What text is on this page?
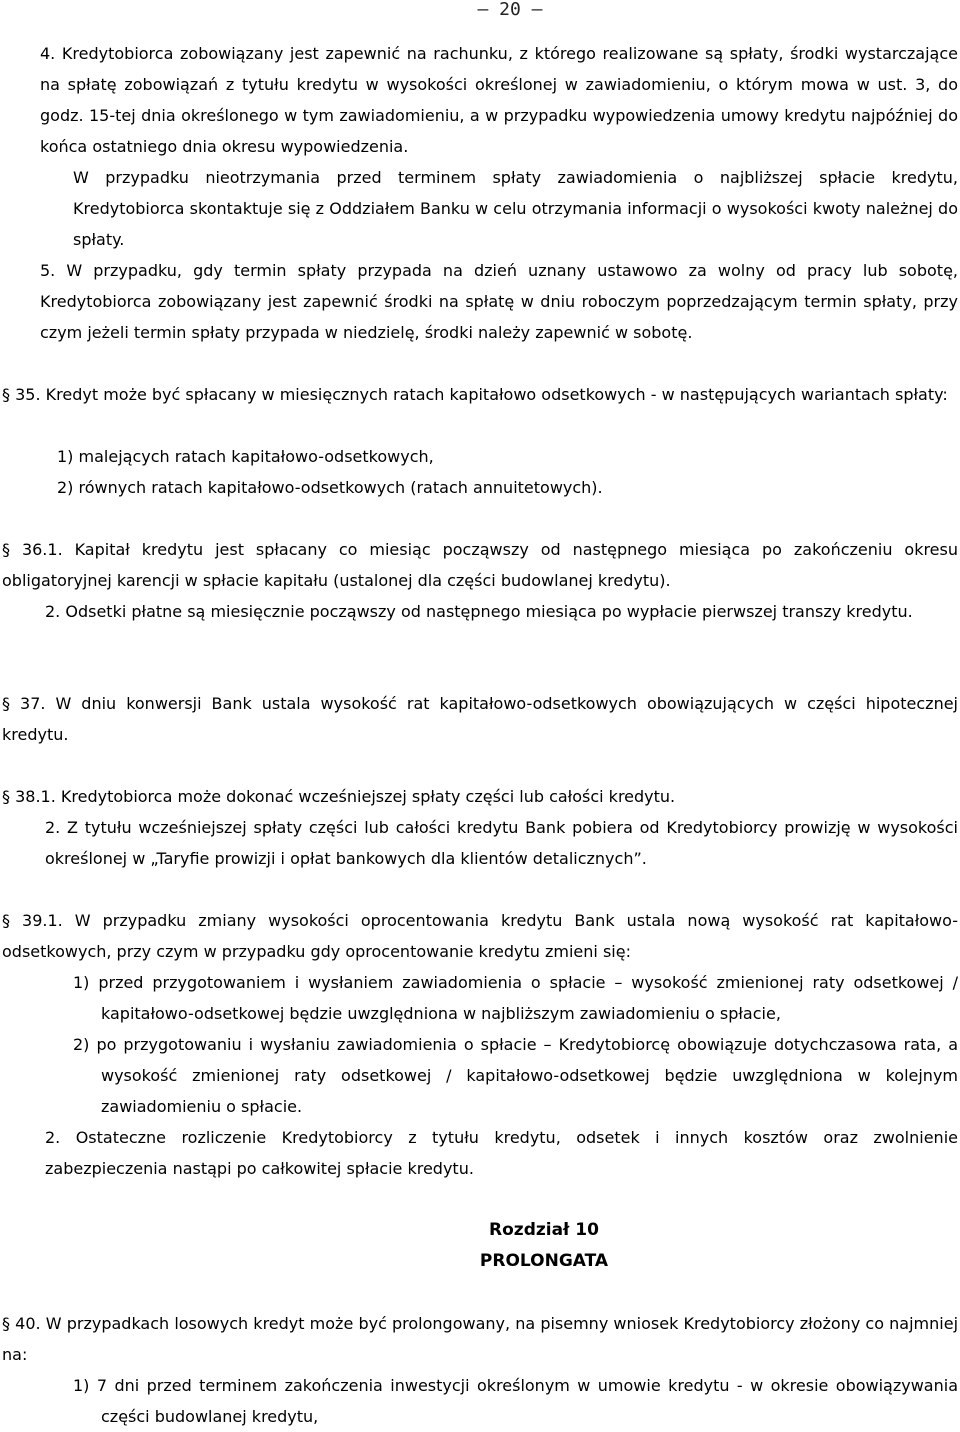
– 20 –

4. Kredytobiorca zobowiązany jest zapewnić na rachunku, z którego realizowane są spłaty, środki wystarczające na spłatę zobowiązań z tytułu kredytu w wysokości określonej w zawiadomieniu, o którym mowa w ust. 3, do godz. 15-tej dnia określonego w tym zawiadomieniu, a w przypadku wypowiedzenia umowy kredytu najpóźniej do końca ostatniego dnia okresu wypowiedzenia.

W przypadku nieotrzymania przed terminem spłaty zawiadomienia o najbliższej spłacie kredytu, Kredytobiorca skontaktuje się z Oddziałem Banku w celu otrzymania informacji o wysokości kwoty należnej do spłaty.

5. W przypadku, gdy termin spłaty przypada na dzień uznany ustawowo za wolny od pracy lub sobotę, Kredytobiorca zobowiązany jest zapewnić środki na spłatę w dniu roboczym poprzedzającym termin spłaty, przy czym jeżeli termin spłaty przypada w niedzielę, środki należy zapewnić w sobotę.

§ 35. Kredyt może być spłacany w miesięcznych ratach kapitałowo odsetkowych - w następujących wariantach spłaty:

1) malejących ratach kapitałowo-odsetkowych,

2) równych ratach kapitałowo-odsetkowych (ratach annuitetowych).

§ 36.1. Kapitał kredytu jest spłacany co miesiąc począwszy od następnego miesiąca po zakończeniu okresu obligatoryjnej karencji w spłacie kapitału (ustalonej dla części budowlanej kredytu).

2. Odsetki płatne są miesięcznie począwszy od następnego miesiąca po wypłacie pierwszej transzy kredytu.

§ 37. W dniu konwersji Bank ustala wysokość rat kapitałowo-odsetkowych obowiązujących w części hipotecznej kredytu.

§ 38.1. Kredytobiorca może dokonać wcześniejszej spłaty części lub całości kredytu.

2. Z tytułu wcześniejszej spłaty części lub całości kredytu Bank pobiera od Kredytobiorcy prowizję w wysokości określonej w „Taryfie prowizji i opłat bankowych dla klientów detalicznych”.

§ 39.1. W przypadku zmiany wysokości oprocentowania kredytu Bank ustala nową wysokość rat kapitałowo-odsetkowych, przy czym w przypadku gdy oprocentowanie kredytu zmieni się:

1) przed przygotowaniem i wysłaniem zawiadomienia o spłacie – wysokość zmienionej raty odsetkowej / kapitałowo-odsetkowej będzie uwzględniona w najbliższym zawiadomieniu o spłacie,

2) po przygotowaniu i wysłaniu zawiadomienia o spłacie – Kredytobiorcę obowiązuje dotychczasowa rata, a wysokość zmienionej raty odsetkowej / kapitałowo-odsetkowej będzie uwzględniona w kolejnym zawiadomieniu o spłacie.

2. Ostateczne rozliczenie Kredytobiorcy z tytułu kredytu, odsetek i innych kosztów oraz zwolnienie zabezpieczenia nastąpi po całkowitej spłacie kredytu.

Rozdział 10
PROLONGATA

§ 40. W przypadkach losowych kredyt może być prolongowany, na pisemny wniosek Kredytobiorcy złożony co najmniej na:

1) 7 dni przed terminem zakończenia inwestycji określonym w umowie kredytu - w okresie obowiązywania części budowlanej kredytu,
